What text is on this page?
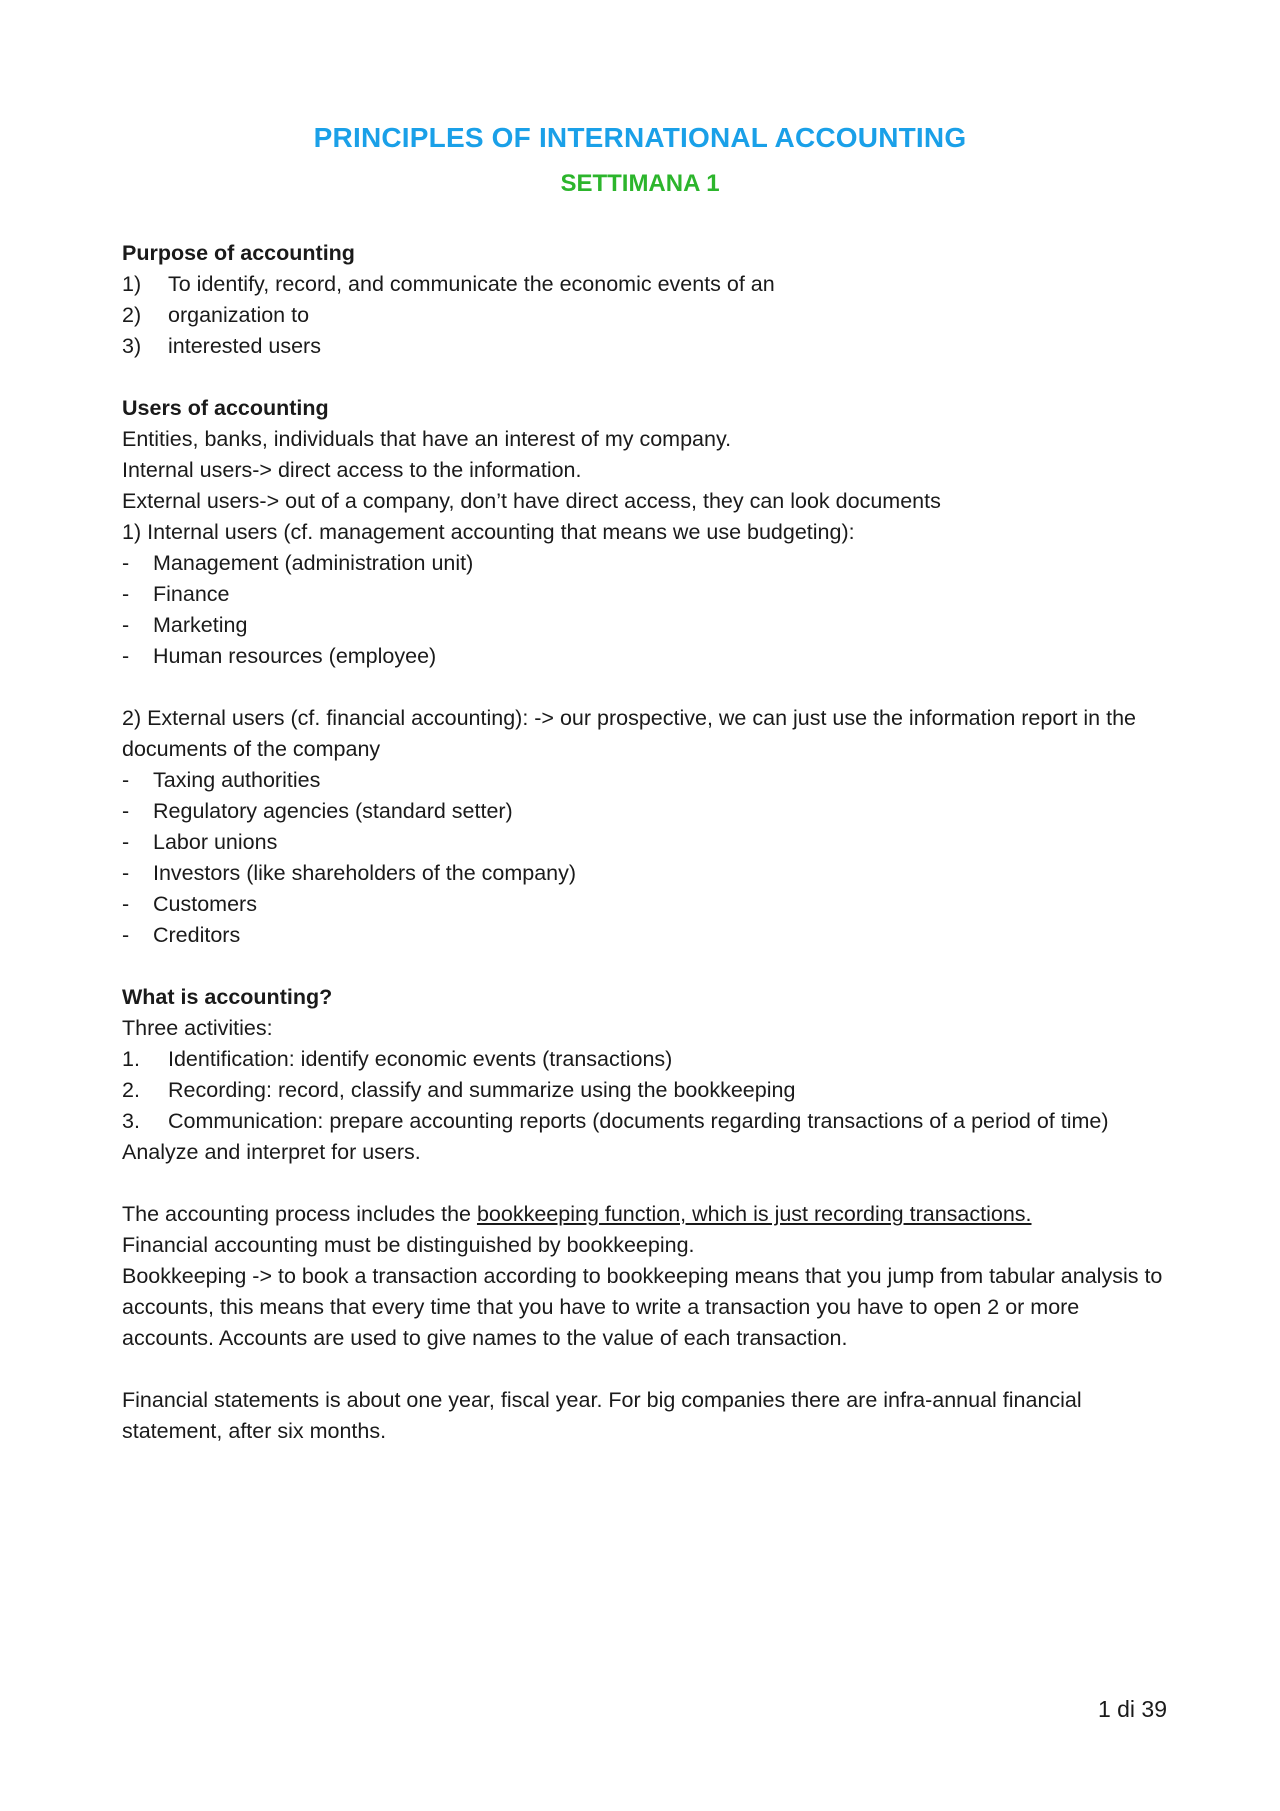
PRINCIPLES OF INTERNATIONAL ACCOUNTING
SETTIMANA 1
Purpose of accounting
1)	To identify, record, and communicate the economic events of an
2)	organization to
3)	interested users
Users of accounting
Entities, banks, individuals that have an interest of my company.
Internal users-> direct access to the information.
External users-> out of a company, don’t have direct access, they can look documents
1) Internal users (cf. management accounting that means we use budgeting):
-	Management (administration unit)
-	Finance
-	Marketing
-	Human resources (employee)
2) External users (cf. financial accounting): -> our prospective, we can just use the information report in the documents of the company
-	Taxing authorities
-	Regulatory agencies (standard setter)
-	Labor unions
-	Investors (like shareholders of the company)
-	Customers
-	Creditors
What is accounting?
Three activities:
1.	Identification: identify economic events (transactions)
2.	Recording: record, classify and summarize using the bookkeeping
3.	Communication: prepare accounting reports (documents regarding transactions of a period of time)
Analyze and interpret for users.
The accounting process includes the bookkeeping function, which is just recording transactions.
Financial accounting must be distinguished by bookkeeping.
Bookkeeping -> to book a transaction according to bookkeeping means that you jump from tabular analysis to accounts, this means that every time that you have to write a transaction you have to open 2 or more accounts. Accounts are used to give names to the value of each transaction.
Financial statements is about one year, fiscal year. For big companies there are infra-annual financial statement, after six months.
1 di 39
